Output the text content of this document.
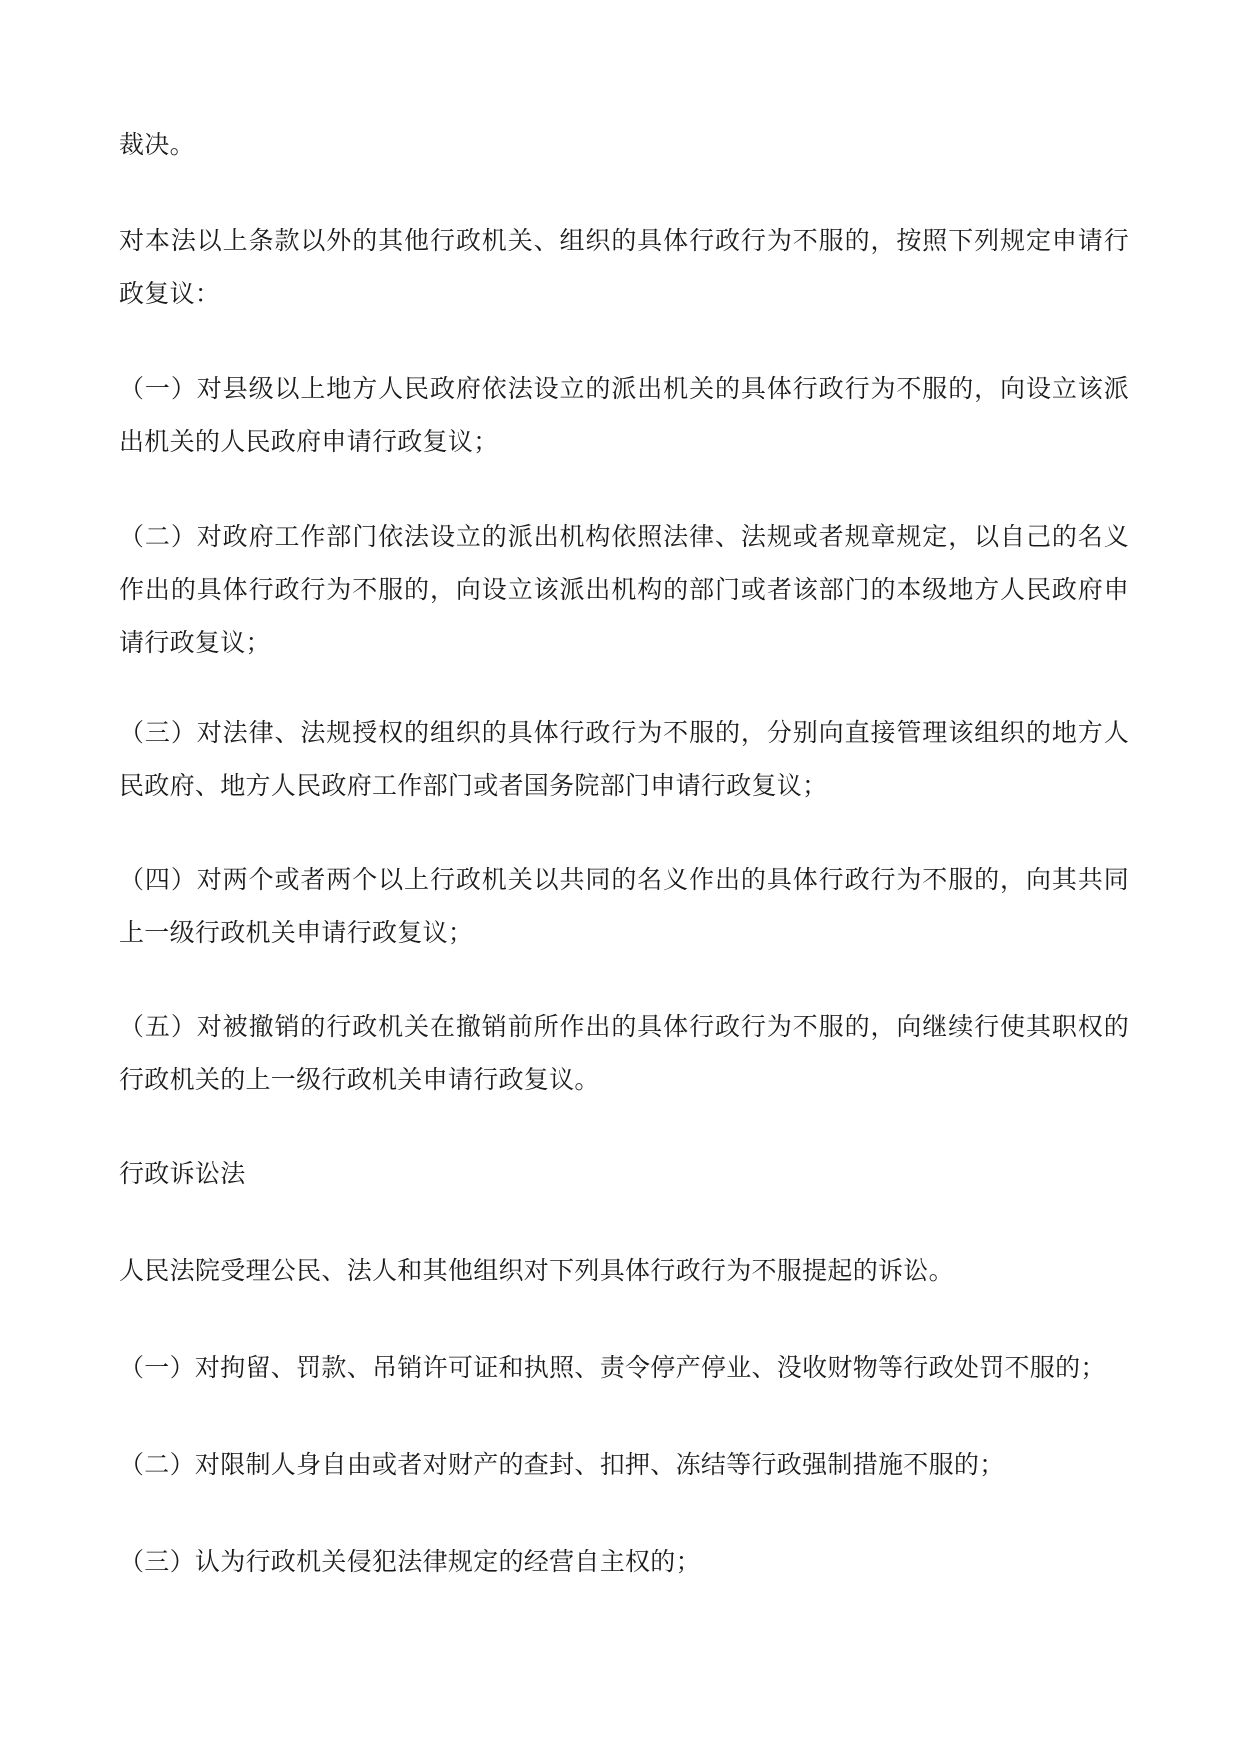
裁决。

对本法以上条款以外的其他行政机关、组织的具体行政行为不服的，按照下列规定申请行政复议：

（一）对县级以上地方人民政府依法设立的派出机关的具体行政行为不服的，向设立该派出机关的人民政府申请行政复议；

（二）对政府工作部门依法设立的派出机构依照法律、法规或者规章规定，以自己的名义作出的具体行政行为不服的，向设立该派出机构的部门或者该部门的本级地方人民政府申请行政复议；

（三）对法律、法规授权的组织的具体行政行为不服的，分别向直接管理该组织的地方人民政府、地方人民政府工作部门或者国务院部门申请行政复议；

（四）对两个或者两个以上行政机关以共同的名义作出的具体行政行为不服的，向其共同上一级行政机关申请行政复议；

（五）对被撤销的行政机关在撤销前所作出的具体行政行为不服的，向继续行使其职权的行政机关的上一级行政机关申请行政复议。

行政诉讼法

人民法院受理公民、法人和其他组织对下列具体行政行为不服提起的诉讼。

（一）对拘留、罚款、吊销许可证和执照、责令停产停业、没收财物等行政处罚不服的；

（二）对限制人身自由或者对财产的查封、扣押、冻结等行政强制措施不服的；

（三）认为行政机关侵犯法律规定的经营自主权的；
